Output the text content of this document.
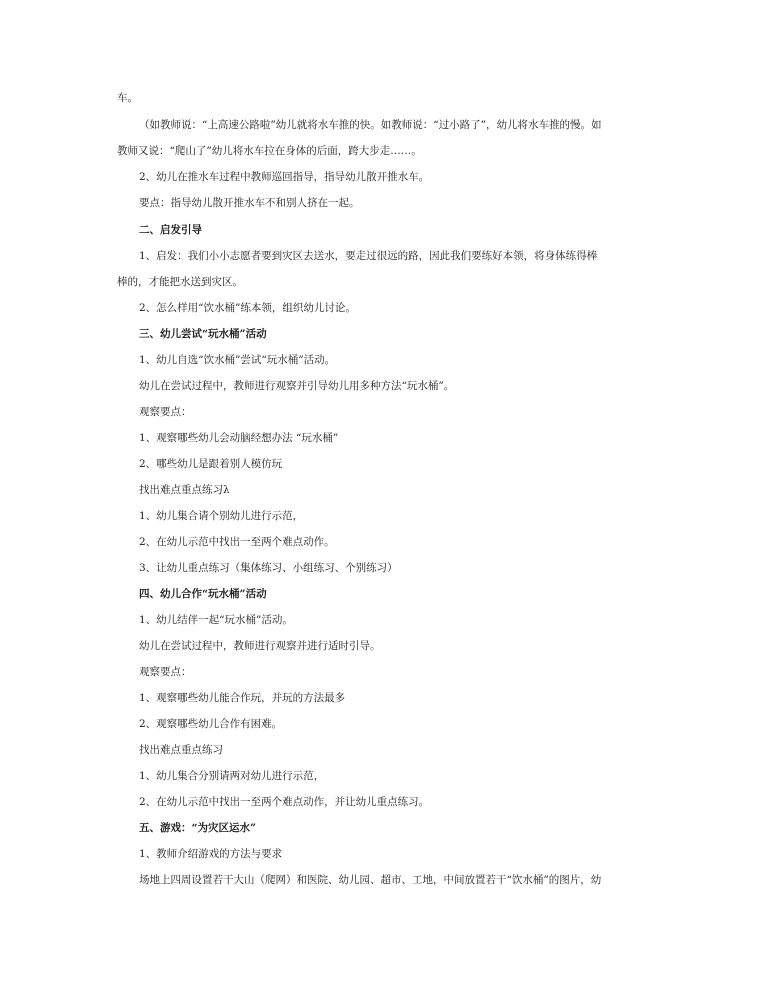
车。
（如教师说：“上高速公路啦”幼儿就将水车推的快。如教师说：“过小路了”，幼儿将水车推的慢。如
教师又说：“爬山了”幼儿将水车拉在身体的后面，跨大步走……。
2、幼儿在推水车过程中教师巡回指导，指导幼儿散开推水车。
要点：指导幼儿散开推水车不和别人挤在一起。
二、启发引导
1、启发：我们小小志愿者要到灾区去送水，要走过很远的路，因此我们要练好本领，将身体练得棒
棒的，才能把水送到灾区。
2、怎么样用“饮水桶”练本领，组织幼儿讨论。
三、幼儿尝试“玩水桶”活动
1、幼儿自选“饮水桶”尝试“玩水桶”活动。
幼儿在尝试过程中，教师进行观察并引导幼儿用多种方法“玩水桶”。
观察要点：
1、观察哪些幼儿会动脑经想办法 “玩水桶”
2、哪些幼儿是跟着别人模仿玩
找出难点重点练习λ
1、幼儿集合请个别幼儿进行示范，
2、在幼儿示范中找出一至两个难点动作。
3、让幼儿重点练习（集体练习、小组练习、个别练习）
四、幼儿合作“玩水桶”活动
1、幼儿结伴一起“玩水桶”活动。
幼儿在尝试过程中，教师进行观察并进行适时引导。
观察要点：
1、观察哪些幼儿能合作玩，并玩的方法最多
2、观察哪些幼儿合作有困难。
找出难点重点练习
1、幼儿集合分别请两对幼儿进行示范，
2、在幼儿示范中找出一至两个难点动作，并让幼儿重点练习。
五、游戏：“为灾区运水”
1、教师介绍游戏的方法与要求
场地上四周设置若干大山（爬网）和医院、幼儿园、超市、工地，中间放置若干“饮水桶”的图片，幼
